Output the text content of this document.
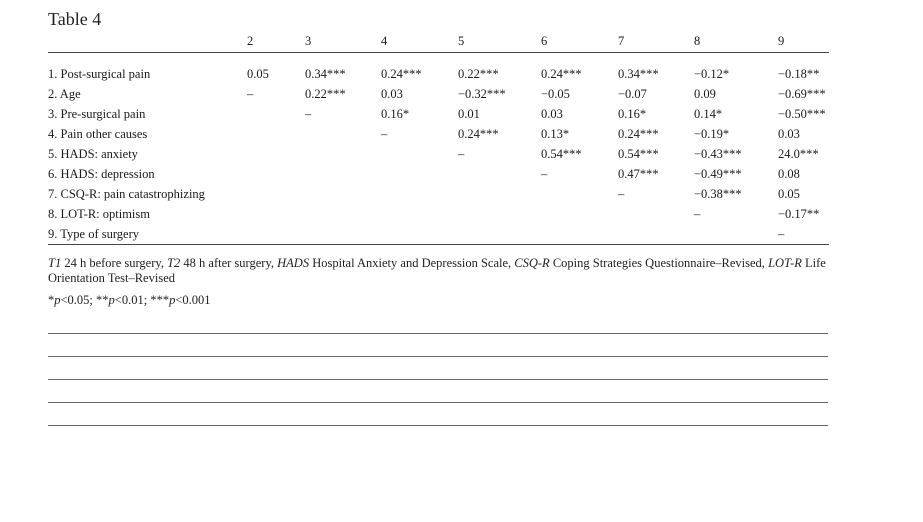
Table 4
	2	3	4	5	6	7	8	9

1. Post-surgical pain	0.05	0.34***	0.24***	0.22***	0.24***	0.34***	−0.12*	−0.18**
2. Age	–	0.22***	0.03	−0.32***	−0.05	−0.07	0.09	−0.69***
3. Pre-surgical pain		–	0.16*	0.01	0.03	0.16*	0.14*	−0.50***
4. Pain other causes			–	0.24***	0.13*	0.24***	−0.19*	0.03
5. HADS: anxiety				–	0.54***	0.54***	−0.43***	24.0***
6. HADS: depression					–	0.47***	−0.49***	0.08
7. CSQ-R: pain catastrophizing						–	−0.38***	0.05
8. LOT-R: optimism							–	−0.17**
9. Type of surgery								–
T1 24 h before surgery, T2 48 h after surgery, HADS Hospital Anxiety and Depression Scale, CSQ-R Coping Strategies Questionnaire–Revised, LOT-R Life Orientation Test–Revised
*p<0.05; **p<0.01; ***p<0.001
